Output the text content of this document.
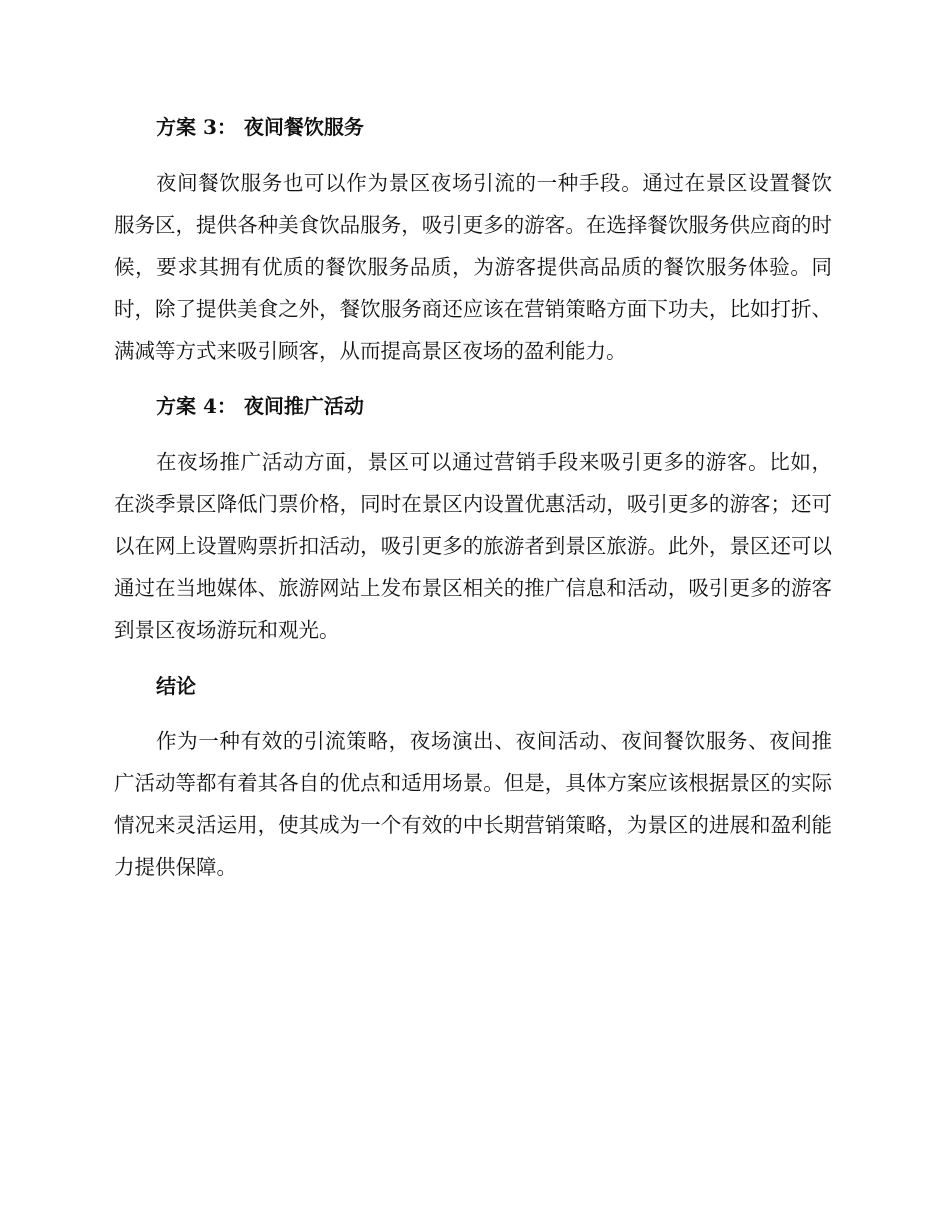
方案 3： 夜间餐饮服务
夜间餐饮服务也可以作为景区夜场引流的一种手段。通过在景区设置餐饮服务区，提供各种美食饮品服务，吸引更多的游客。在选择餐饮服务供应商的时候，要求其拥有优质的餐饮服务品质，为游客提供高品质的餐饮服务体验。同时，除了提供美食之外，餐饮服务商还应该在营销策略方面下功夫，比如打折、满减等方式来吸引顾客，从而提高景区夜场的盈利能力。
方案 4： 夜间推广活动
在夜场推广活动方面，景区可以通过营销手段来吸引更多的游客。比如，在淡季景区降低门票价格，同时在景区内设置优惠活动，吸引更多的游客；还可以在网上设置购票折扣活动，吸引更多的旅游者到景区旅游。此外，景区还可以通过在当地媒体、旅游网站上发布景区相关的推广信息和活动，吸引更多的游客到景区夜场游玩和观光。
结论
作为一种有效的引流策略，夜场演出、夜间活动、夜间餐饮服务、夜间推广活动等都有着其各自的优点和适用场景。但是，具体方案应该根据景区的实际情况来灵活运用，使其成为一个有效的中长期营销策略，为景区的进展和盈利能力提供保障。
